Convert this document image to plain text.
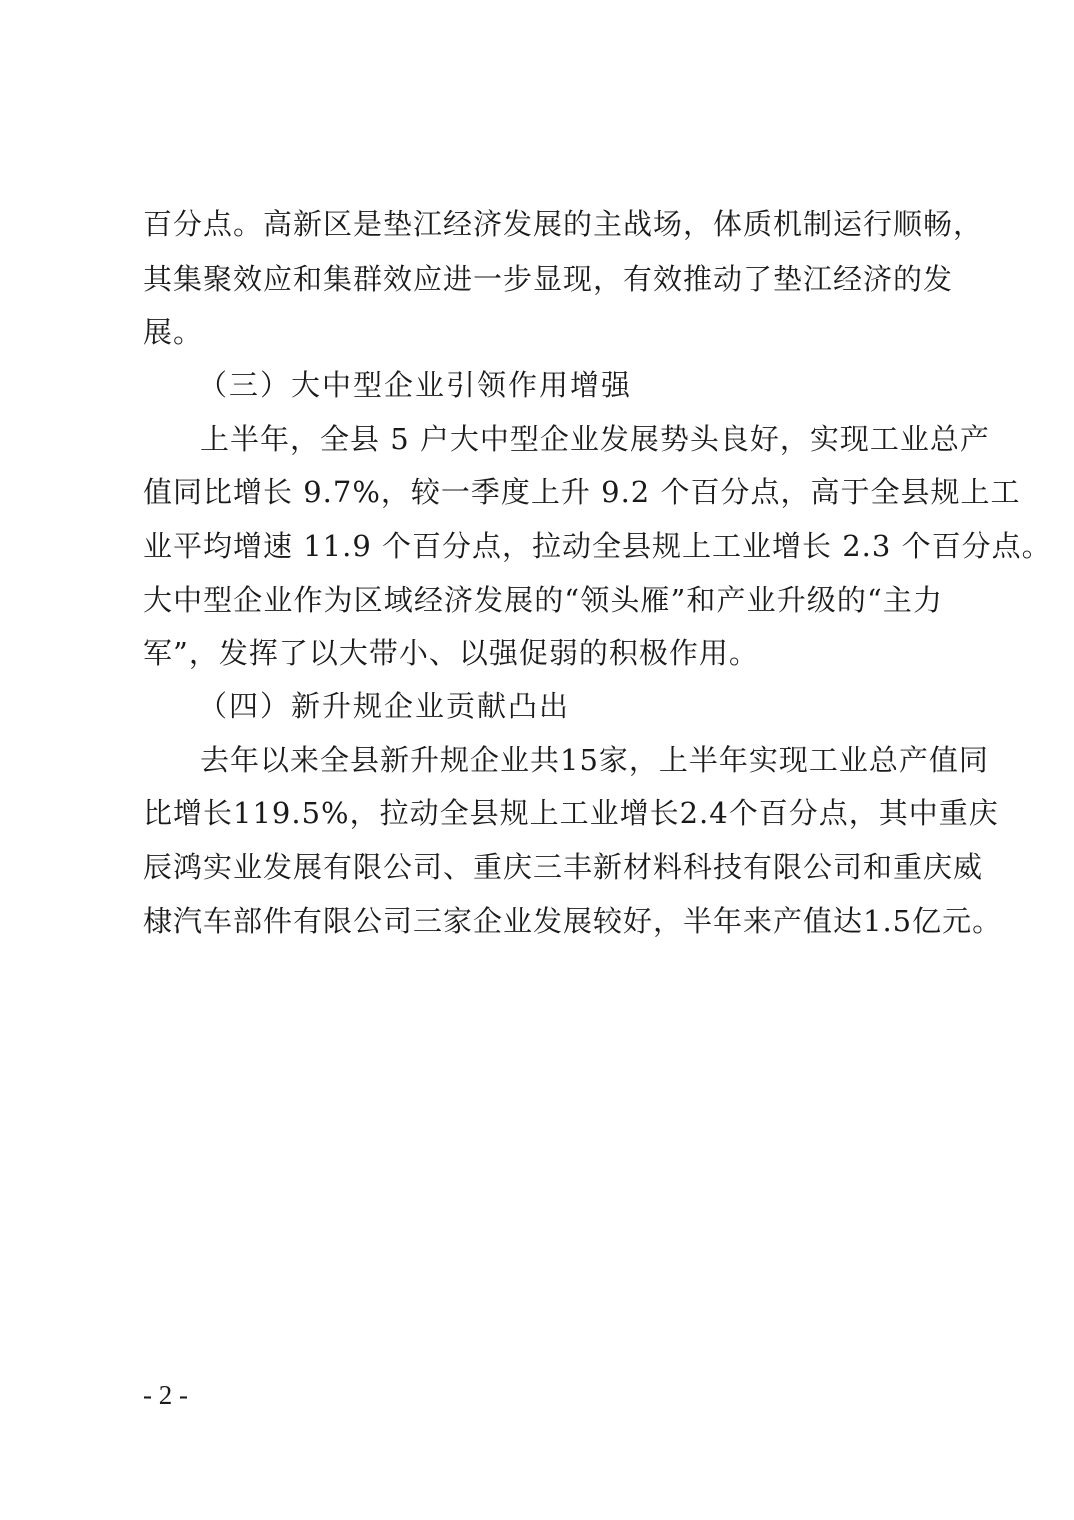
百分点。高新区是垫江经济发展的主战场，体质机制运行顺畅，
其集聚效应和集群效应进一步显现，有效推动了垫江经济的发
展。
（三）大中型企业引领作用增强
上半年，全县 5 户大中型企业发展势头良好，实现工业总产
值同比增长 9.7%，较一季度上升 9.2 个百分点，高于全县规上工
业平均增速 11.9 个百分点，拉动全县规上工业增长 2.3 个百分点。
大中型企业作为区域经济发展的“领头雁”和产业升级的“主力
军”，发挥了以大带小、以强促弱的积极作用。
（四）新升规企业贡献凸出
去年以来全县新升规企业共15家，上半年实现工业总产值同
比增长119.5%，拉动全县规上工业增长2.4个百分点，其中重庆
辰鸿实业发展有限公司、重庆三丰新材料科技有限公司和重庆威
棣汽车部件有限公司三家企业发展较好，半年来产值达1.5亿元。
- 2 -
